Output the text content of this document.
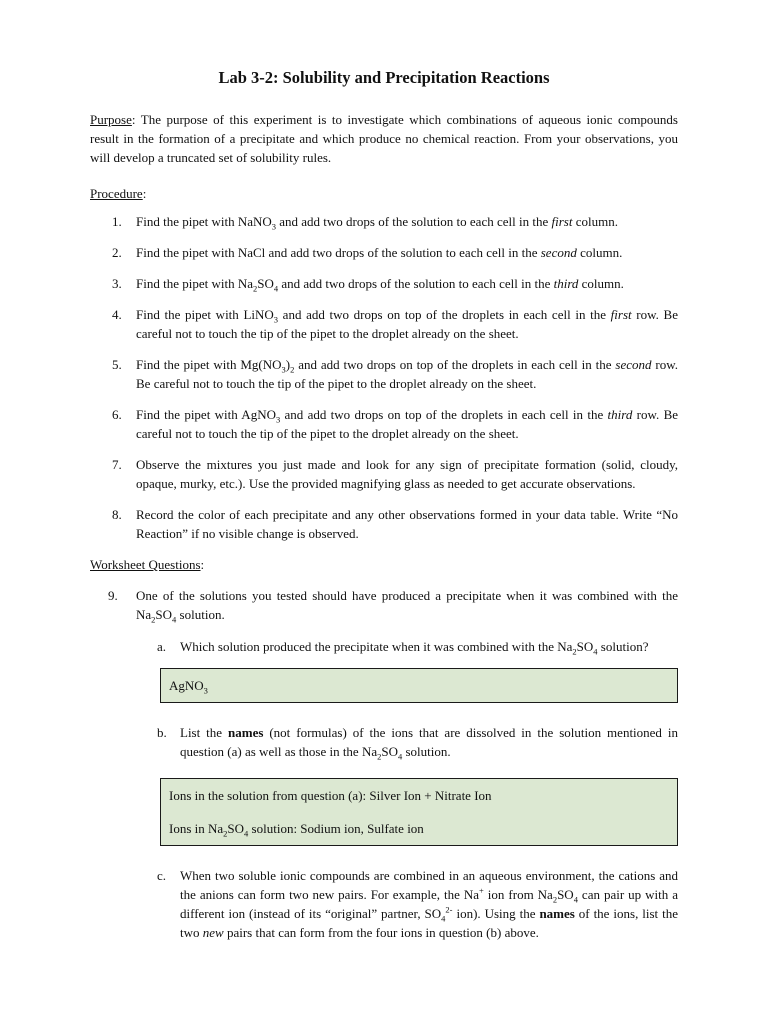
Lab 3-2: Solubility and Precipitation Reactions

Purpose: The purpose of this experiment is to investigate which combinations of aqueous ionic compounds result in the formation of a precipitate and which produce no chemical reaction. From your observations, you will develop a truncated set of solubility rules.

Procedure:

1. Find the pipet with NaNO$_3$ and add two drops of the solution to each cell in the first column.
2. Find the pipet with NaCl and add two drops of the solution to each cell in the second column.
3. Find the pipet with $Na_2SO_4$ and add two drops of the solution to each cell in the third column.
4. Find the pipet with LiNO$_3$ and add two drops on top of the droplets in each cell in the first row. Be careful not to touch the tip of the pipet to the droplet already on the sheet.
5. Find the pipet with $Mg(NO_3)_2$ and add two drops on top of the droplets in each cell in the second row. Be careful not to touch the tip of the pipet to the droplet already on the sheet.
6. Find the pipet with AgNO$_3$ and add two drops on top of the droplets in each cell in the third row. Be careful not to touch the tip of the pipet to the droplet already on the sheet.
7. Observe the mixtures you just made and look for any sign of precipitate formation (solid, cloudy, opaque, murky, etc.). Use the provided magnifying glass as needed to get accurate observations.
8. Record the color of each precipitate and any other observations formed in your data table. Write “No Reaction” if no visible change is observed.

Worksheet Questions:

9. One of the solutions you tested should have produced a precipitate when it was combined with the $Na_2SO_4$ solution.
a. Which solution produced the precipitate when it was combined with the $Na_2SO_4$ solution?

AgNO$_3$

b. List the names (not formulas) of the ions that are dissolved in the solution mentioned in question (a) as well as those in the $Na_2SO_4$ solution.

Ions in the solution from question (a): Silver Ion + Nitrate Ion

Ions in $Na_2SO_4$ solution: Sodium ion, Sulfate ion

c. When two soluble ionic compounds are combined in an aqueous environment, the cations and the anions can form two new pairs. For example, the Na+ ion from $Na_2SO_4$ can pair up with a different ion (instead of its “original” partner, $SO_4^{2-}$ ion). Using the names of the ions, list the two new pairs that can form from the four ions in question (b) above.
